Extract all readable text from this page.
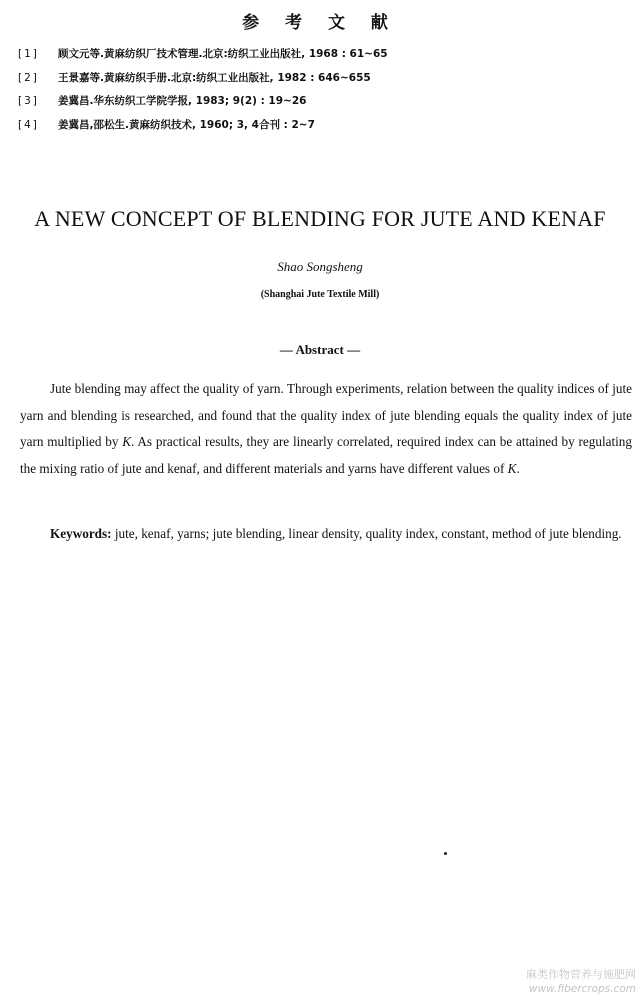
参 考 文 献
[1]	顾文元等.黄麻纺织厂技术管理.北京:纺织工业出版社, 1968 : 61~65
[2]	王景嘉等.黄麻纺织手册.北京:纺织工业出版社, 1982 : 646~655
[3]	姜冀昌.华东纺织工学院学报, 1983; 9(2) : 19~26
[4]	姜冀昌,邵松生.黄麻纺织技术, 1960; 3, 4合刊 : 2~7
A NEW CONCEPT OF BLENDING FOR JUTE AND KENAF
Shao Songsheng
(Shanghai Jute Textile Mill)
— Abstract —

Jute blending may affect the quality of yarn. Through experiments, relation between the quality indices of jute yarn and blending is researched, and found that the quality index of jute blending equals the quality index of jute yarn multiplied by K. As practical results, they are linearly correlated, required index can be attained by regulating the mixing ratio of jute and kenaf, and different materials and yarns have different values of K.

Keywords: jute, kenaf, yarns; jute blending, linear density, quality index, constant, method of jute blending.

麻类作物营养与施肥网
www.fibercrops.com
